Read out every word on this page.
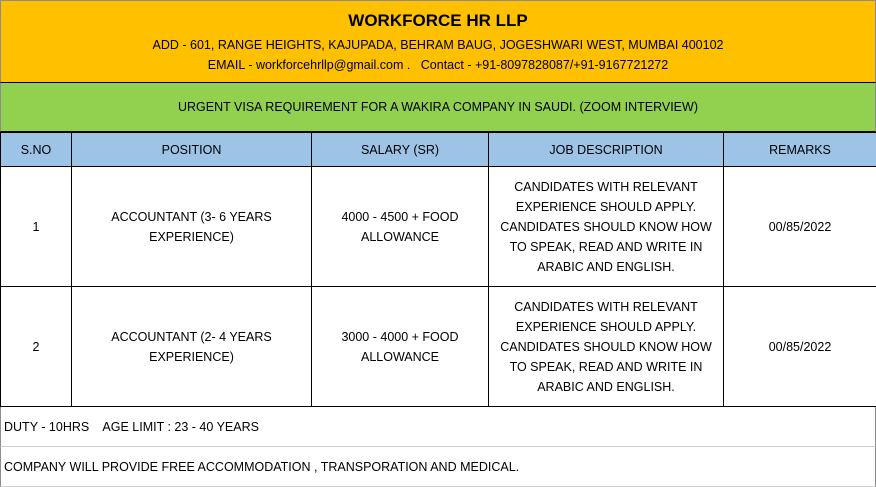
WORKFORCE HR LLP
ADD - 601, RANGE HEIGHTS, KAJUPADA, BEHRAM BAUG, JOGESHWARI WEST, MUMBAI 400102
EMAIL - workforcehrllp@gmail.com .   Contact - +91-8097828087/+91-9167721272
URGENT VISA REQUIREMENT FOR A WAKIRA COMPANY IN SAUDI. (ZOOM INTERVIEW)
S.NO	POSITION	SALARY (SR)	JOB DESCRIPTION	REMARKS
1	ACCOUNTANT (3- 6 YEARS EXPERIENCE)	4000 - 4500 + FOOD ALLOWANCE	CANDIDATES WITH RELEVANT EXPERIENCE SHOULD APPLY. CANDIDATES SHOULD KNOW HOW TO SPEAK, READ AND WRITE IN ARABIC AND ENGLISH.	00/85/2022
2	ACCOUNTANT (2- 4 YEARS EXPERIENCE)	3000 - 4000 + FOOD ALLOWANCE	CANDIDATES WITH RELEVANT EXPERIENCE SHOULD APPLY. CANDIDATES SHOULD KNOW HOW TO SPEAK, READ AND WRITE IN ARABIC AND ENGLISH.	00/85/2022
DUTY - 10HRS    AGE LIMIT : 23 - 40 YEARS
COMPANY WILL PROVIDE FREE ACCOMMODATION , TRANSPORATION AND MEDICAL.
